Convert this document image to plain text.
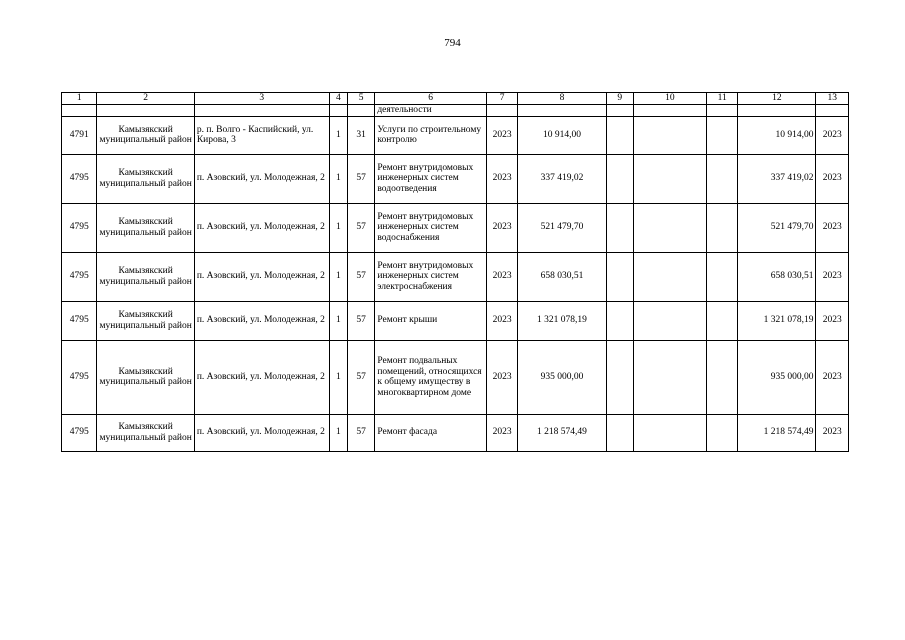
794
1	2	3	4	5	6	7	8	9	10	11	12	13
					деятельности							
4791	Камызякский муниципальный район	р. п. Волго - Каспийский, ул. Кирова, 3	1	31	Услуги по строительному контролю	2023	10 914,00				10 914,00	2023
4795	Камызякский муниципальный район	п. Азовский, ул. Молодежная, 2	1	57	Ремонт внутридомовых инженерных систем водоотведения	2023	337 419,02				337 419,02	2023
4795	Камызякский муниципальный район	п. Азовский, ул. Молодежная, 2	1	57	Ремонт внутридомовых инженерных систем водоснабжения	2023	521 479,70				521 479,70	2023
4795	Камызякский муниципальный район	п. Азовский, ул. Молодежная, 2	1	57	Ремонт внутридомовых инженерных систем электроснабжения	2023	658 030,51				658 030,51	2023
4795	Камызякский муниципальный район	п. Азовский, ул. Молодежная, 2	1	57	Ремонт крыши	2023	1 321 078,19				1 321 078,19	2023
4795	Камызякский муниципальный район	п. Азовский, ул. Молодежная, 2	1	57	Ремонт подвальных помещений, относящихся к общему имуществу в многоквартирном доме	2023	935 000,00				935 000,00	2023
4795	Камызякский муниципальный район	п. Азовский, ул. Молодежная, 2	1	57	Ремонт фасада	2023	1 218 574,49				1 218 574,49	2023
